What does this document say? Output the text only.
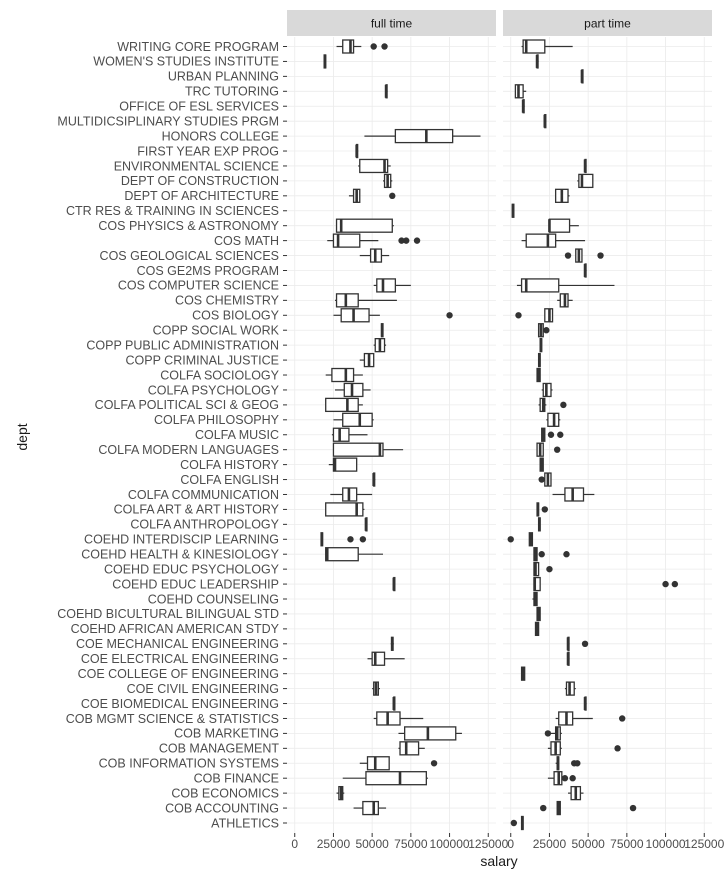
full time	part time
ATHLETICS
COB ACCOUNTING
COB ECONOMICS
COB FINANCE
COB INFORMATION SYSTEMS
COB MANAGEMENT
COB MARKETING
COB MGMT SCIENCE & STATISTICS
COE BIOMEDICAL ENGINEERING
COE CIVIL ENGINEERING
COE COLLEGE OF ENGINEERING
COE ELECTRICAL ENGINEERING
COE MECHANICAL ENGINEERING
COEHD AFRICAN AMERICAN STDY
COEHD BICULTURAL BILINGUAL STD
COEHD COUNSELING
COEHD EDUC LEADERSHIP
COEHD EDUC PSYCHOLOGY
COEHD HEALTH & KINESIOLOGY
COEHD INTERDISCIP LEARNING
COLFA ANTHROPOLOGY
COLFA ART & ART HISTORY
COLFA COMMUNICATION
COLFA ENGLISH
COLFA HISTORY
COLFA MODERN LANGUAGES
COLFA MUSIC
COLFA PHILOSOPHY
COLFA POLITICAL SCI & GEOG
COLFA PSYCHOLOGY
COLFA SOCIOLOGY
COPP CRIMINAL JUSTICE
COPP PUBLIC ADMINISTRATION
COPP SOCIAL WORK
COS BIOLOGY
COS CHEMISTRY
COS COMPUTER SCIENCE
COS GE2MS PROGRAM
COS GEOLOGICAL SCIENCES
COS MATH
COS PHYSICS & ASTRONOMY
CTR RES & TRAINING IN SCIENCES
DEPT OF ARCHITECTURE
DEPT OF CONSTRUCTION
ENVIRONMENTAL SCIENCE
FIRST YEAR EXP PROG
HONORS COLLEGE
MULTIDICSIPLINARY STUDIES PRGM
OFFICE OF ESL SERVICES
TRC TUTORING
URBAN PLANNING
WOMEN'S STUDIES INSTITUTE
WRITING CORE PROGRAM
0 25000 50000 75000 100000
125000 0 25000 50000 75000 100000
125000
salary
dept
